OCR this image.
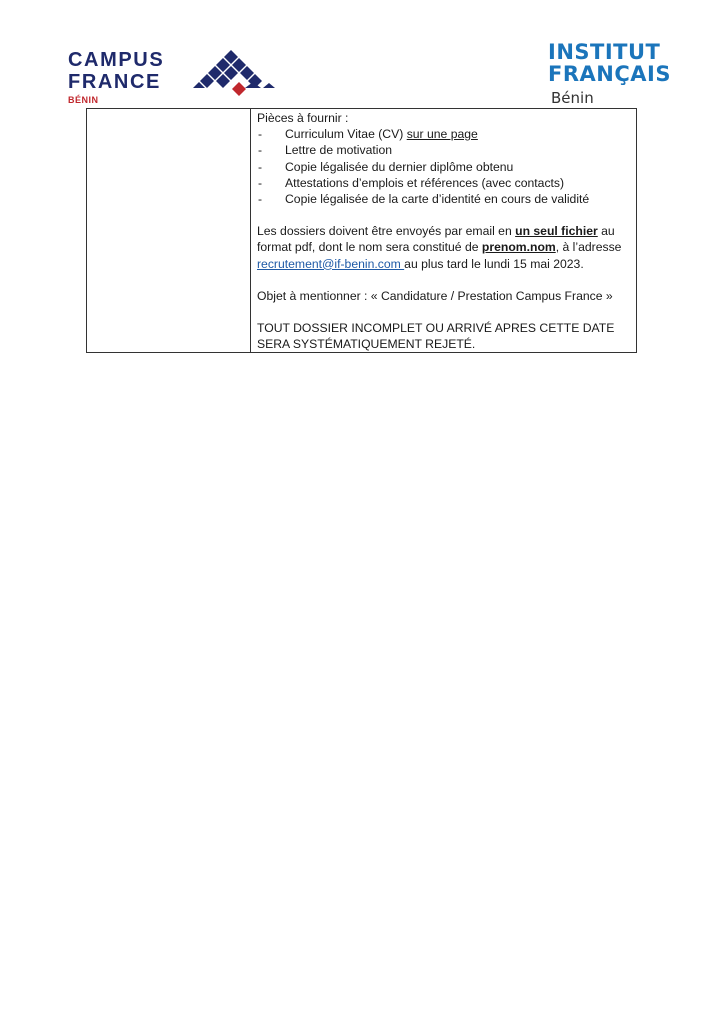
CAMPUS
FRANCE
BÉNIN
INSTITUT
FRANÇAIS
Bénin

Pièces à fournir :

- Curriculum Vitae (CV) sur une page
- Lettre de motivation
- Copie légalisée du dernier diplôme obtenu
- Attestations d’emplois et références (avec contacts)
- Copie légalisée de la carte d’identité en cours de validité

Les dossiers doivent être envoyés par email en un seul fichier au format pdf, dont le nom sera constitué de prenom.nom, à l’adresse recrutement@if-benin.com au plus tard le lundi 15 mai 2023.

Objet à mentionner : « Candidature / Prestation Campus France »

TOUT DOSSIER INCOMPLET OU ARRIVÉ APRES CETTE DATE SERA SYSTÉMATIQUEMENT REJETÉ.
